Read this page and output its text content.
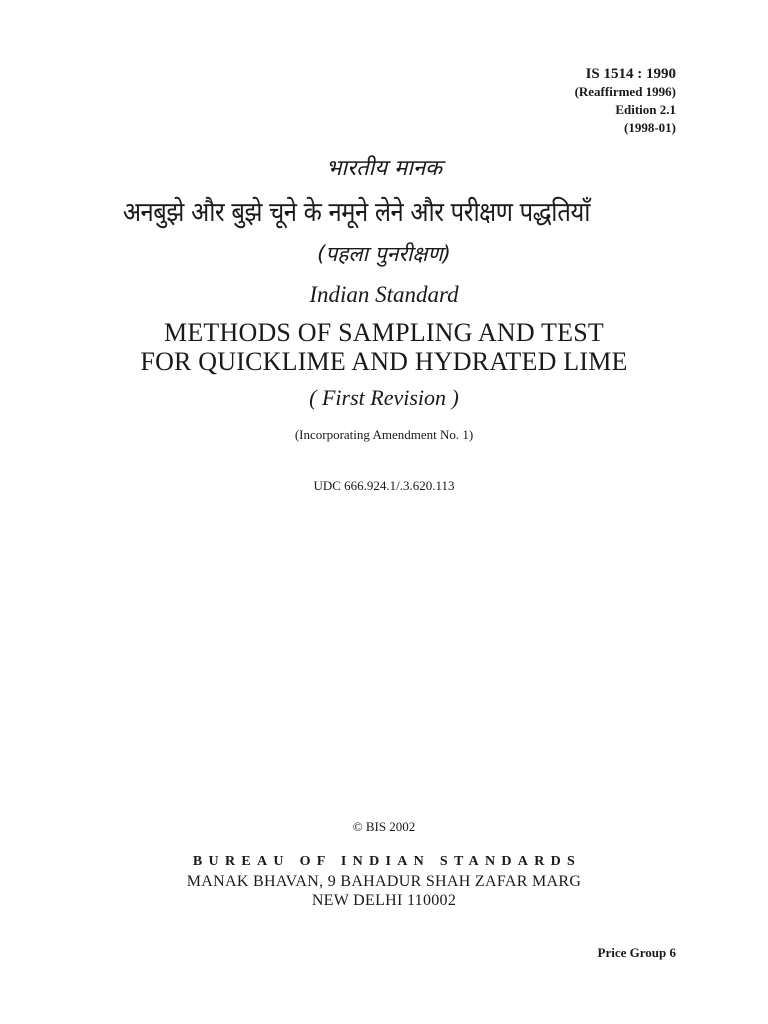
IS 1514 : 1990
(Reaffirmed 1996)
Edition 2.1
(1998-01)
भारतीय मानक
अनबुझे और बुझे चूने के नमूने लेने और परीक्षण पद्धतियाँ
(पहला पुनरीक्षण)
Indian Standard
METHODS OF SAMPLING AND TEST
FOR QUICKLIME AND HYDRATED LIME
( First Revision )
(Incorporating Amendment No. 1)
UDC 666.924.1/.3.620.113
© BIS 2002
BUREAU OF INDIAN STANDARDS
MANAK BHAVAN, 9 BAHADUR SHAH ZAFAR MARG
NEW DELHI 110002
Price Group 6
